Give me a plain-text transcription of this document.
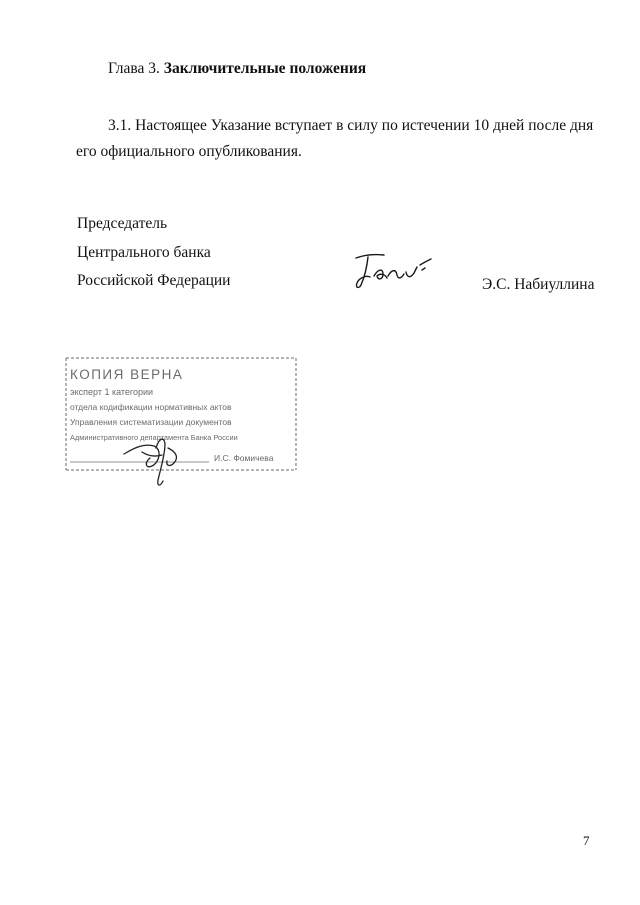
Глава 3. Заключительные положения
3.1. Настоящее Указание вступает в силу по истечении 10 дней после дня
его официального опубликования.
Председатель
Центрального банка
Российской Федерации	Э.С. Набиуллина
КОПИЯ ВЕРНА
эксперт 1 категории
отдела кодификации нормативных актов
Управления систематизации документов
Административного департамента Банка России
И.С. Фомичева
7
